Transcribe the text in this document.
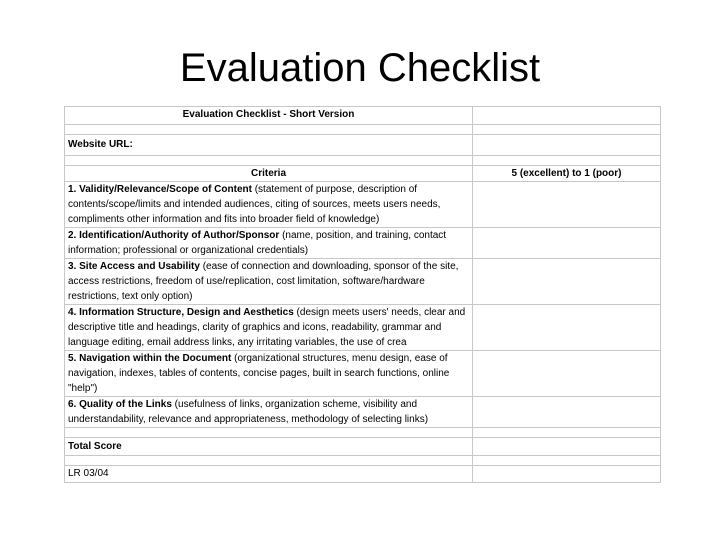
Evaluation Checklist
Evaluation Checklist - Short Version	

Website URL:	

Criteria	5 (excellent) to 1 (poor)
1. Validity/Relevance/Scope of Content (statement of purpose, description of contents/scope/limits and intended audiences, citing of sources, meets users needs, compliments other information and fits into broader field of knowledge)	
2. Identification/Authority of Author/Sponsor (name, position, and training, contact information; professional or organizational credentials)	
3. Site Access and Usability (ease of connection and downloading, sponsor of the site, access restrictions, freedom of use/replication, cost limitation, software/hardware restrictions, text only option)	
4. Information Structure, Design and Aesthetics (design meets users' needs, clear and descriptive title and headings, clarity of graphics and icons, readability, grammar and language editing, email address links, any irritating variables, the use of crea	
5. Navigation within the Document (organizational structures, menu design, ease of navigation, indexes, tables of contents, concise pages, built in search functions, online "help")	
6. Quality of the Links (usefulness of links, organization scheme, visibility and understandability, relevance and appropriateness, methodology of selecting links)	

Total Score	

LR 03/04	
